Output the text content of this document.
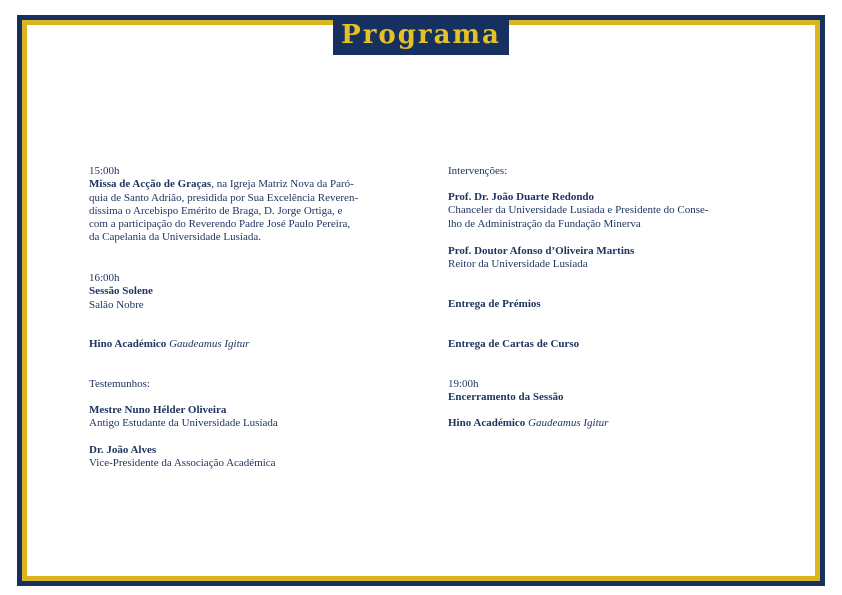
Programa
15:00h
Missa de Acção de Graças, na Igreja Matriz Nova da Paró-
quia de Santo Adrião, presidida por Sua Excelência Reveren-
díssima o Arcebispo Emérito de Braga, D. Jorge Ortiga, e
com a participação do Reverendo Padre José Paulo Pereira,
da Capelania da Universidade Lusíada.
16:00h
Sessão Solene
Salão Nobre
Hino Académico Gaudeamus Igitur
Testemunhos:
Mestre Nuno Hélder Oliveira
Antigo Estudante da Universidade Lusíada
Dr. João Alves
Vice-Presidente da Associação Académica
Intervenções:
Prof. Dr. João Duarte Redondo
Chanceler da Universidade Lusíada e Presidente do Conse-
lho de Administração da Fundação Minerva
Prof. Doutor Afonso d’Oliveira Martins
Reitor da Universidade Lusíada
Entrega de Prémios
Entrega de Cartas de Curso
19:00h
Encerramento da Sessão
Hino Académico Gaudeamus Igitur
